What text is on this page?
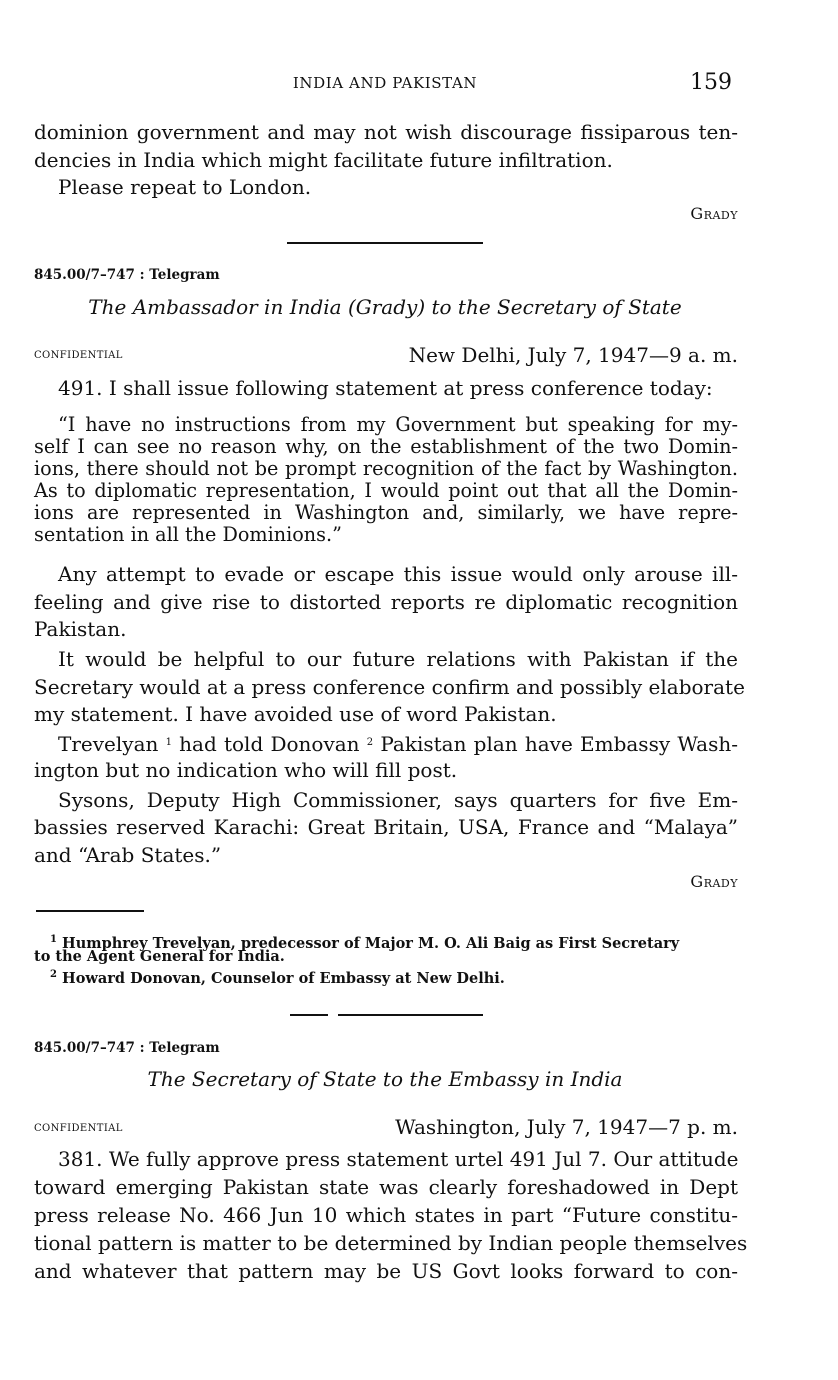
INDIA AND PAKISTAN	159
dominion government and may not wish discourage fissiparous ten-
dencies in India which might facilitate future infiltration.
Please repeat to London.
Grady
845.00/7–747 : Telegram
The Ambassador in India (Grady) to the Secretary of State
confidential	New Delhi, July 7, 1947—9 a. m.
491. I shall issue following statement at press conference today:
“I have no instructions from my Government but speaking for my-
self I can see no reason why, on the establishment of the two Domin-
ions, there should not be prompt recognition of the fact by Washington.
As to diplomatic representation, I would point out that all the Domin-
ions are represented in Washington and, similarly, we have repre-
sentation in all the Dominions.”
Any attempt to evade or escape this issue would only arouse ill-
feeling and give rise to distorted reports re diplomatic recognition
Pakistan.
It would be helpful to our future relations with Pakistan if the
Secretary would at a press conference confirm and possibly elaborate
my statement. I have avoided use of word Pakistan.
Trevelyan $^1$ had told Donovan $^2$ Pakistan plan have Embassy Wash-
ington but no indication who will fill post.
Sysons, Deputy High Commissioner, says quarters for five Em-
bassies reserved Karachi: Great Britain, USA, France and “Malaya”
and “Arab States.”
Grady
$^1$ Humphrey Trevelyan, predecessor of Major M. O. Ali Baig as First Secretary
to the Agent General for India.
$^2$ Howard Donovan, Counselor of Embassy at New Delhi.
845.00/7–747 : Telegram
The Secretary of State to the Embassy in India
confidential	Washington, July 7, 1947—7 p. m.
381. We fully approve press statement urtel 491 Jul 7. Our attitude
toward emerging Pakistan state was clearly foreshadowed in Dept
press release No. 466 Jun 10 which states in part “Future constitu-
tional pattern is matter to be determined by Indian people themselves
and whatever that pattern may be US Govt looks forward to con-
